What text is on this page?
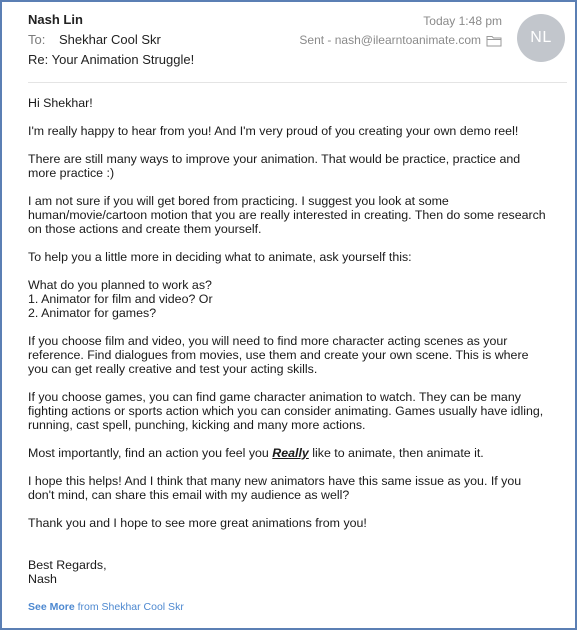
Nash Lin
To: Shekhar Cool Skr
Re: Your Animation Struggle!
Today 1:48 pm
Sent - nash@ilearntoanimate.com	NL

Hi Shekhar!

I'm really happy to hear from you! And I'm very proud of you creating your own demo reel!

There are still many ways to improve your animation. That would be practice, practice and more practice :)

I am not sure if you will get bored from practicing. I suggest you look at some human/movie/cartoon motion that you are really interested in creating. Then do some research on those actions and create them yourself.

To help you a little more in deciding what to animate, ask yourself this:

What do you planned to work as?
1. Animator for film and video? Or
2. Animator for games?

If you choose film and video, you will need to find more character acting scenes as your reference. Find dialogues from movies, use them and create your own scene. This is where you can get really creative and test your acting skills.

If you choose games, you can find game character animation to watch. They can be many fighting actions or sports action which you can consider animating. Games usually have idling, running, cast spell, punching, kicking and many more actions.

Most importantly, find an action you feel you Really like to animate, then animate it.

I hope this helps! And I think that many new animators have this same issue as you. If you don't mind, can share this email with my audience as well?

Thank you and I hope to see more great animations from you!

Best Regards,
Nash

See More from Shekhar Cool Skr
